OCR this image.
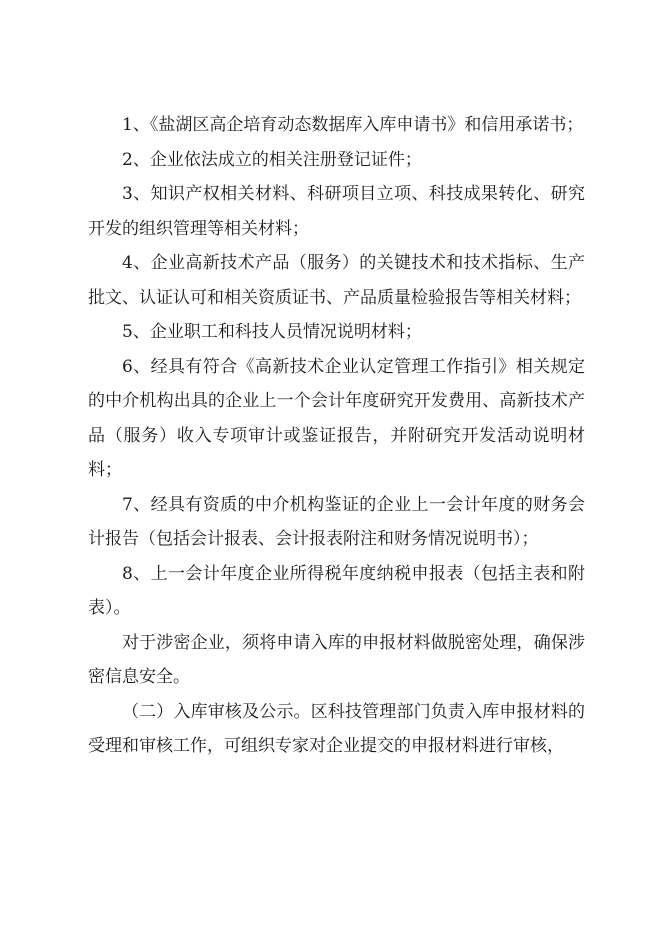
1、《盐湖区高企培育动态数据库入库申请书》和信用承诺书；

2、企业依法成立的相关注册登记证件；

3、知识产权相关材料、科研项目立项、科技成果转化、研究开发的组织管理等相关材料；

4、企业高新技术产品（服务）的关键技术和技术指标、生产批文、认证认可和相关资质证书、产品质量检验报告等相关材料；

5、企业职工和科技人员情况说明材料；

6、经具有符合《高新技术企业认定管理工作指引》相关规定的中介机构出具的企业上一个会计年度研究开发费用、高新技术产品（服务）收入专项审计或鉴证报告，并附研究开发活动说明材料；

7、经具有资质的中介机构鉴证的企业上一会计年度的财务会计报告（包括会计报表、会计报表附注和财务情况说明书）；

8、上一会计年度企业所得税年度纳税申报表（包括主表和附表）。

对于涉密企业，须将申请入库的申报材料做脱密处理，确保涉密信息安全。

（二）入库审核及公示。区科技管理部门负责入库申报材料的受理和审核工作，可组织专家对企业提交的申报材料进行审核，
